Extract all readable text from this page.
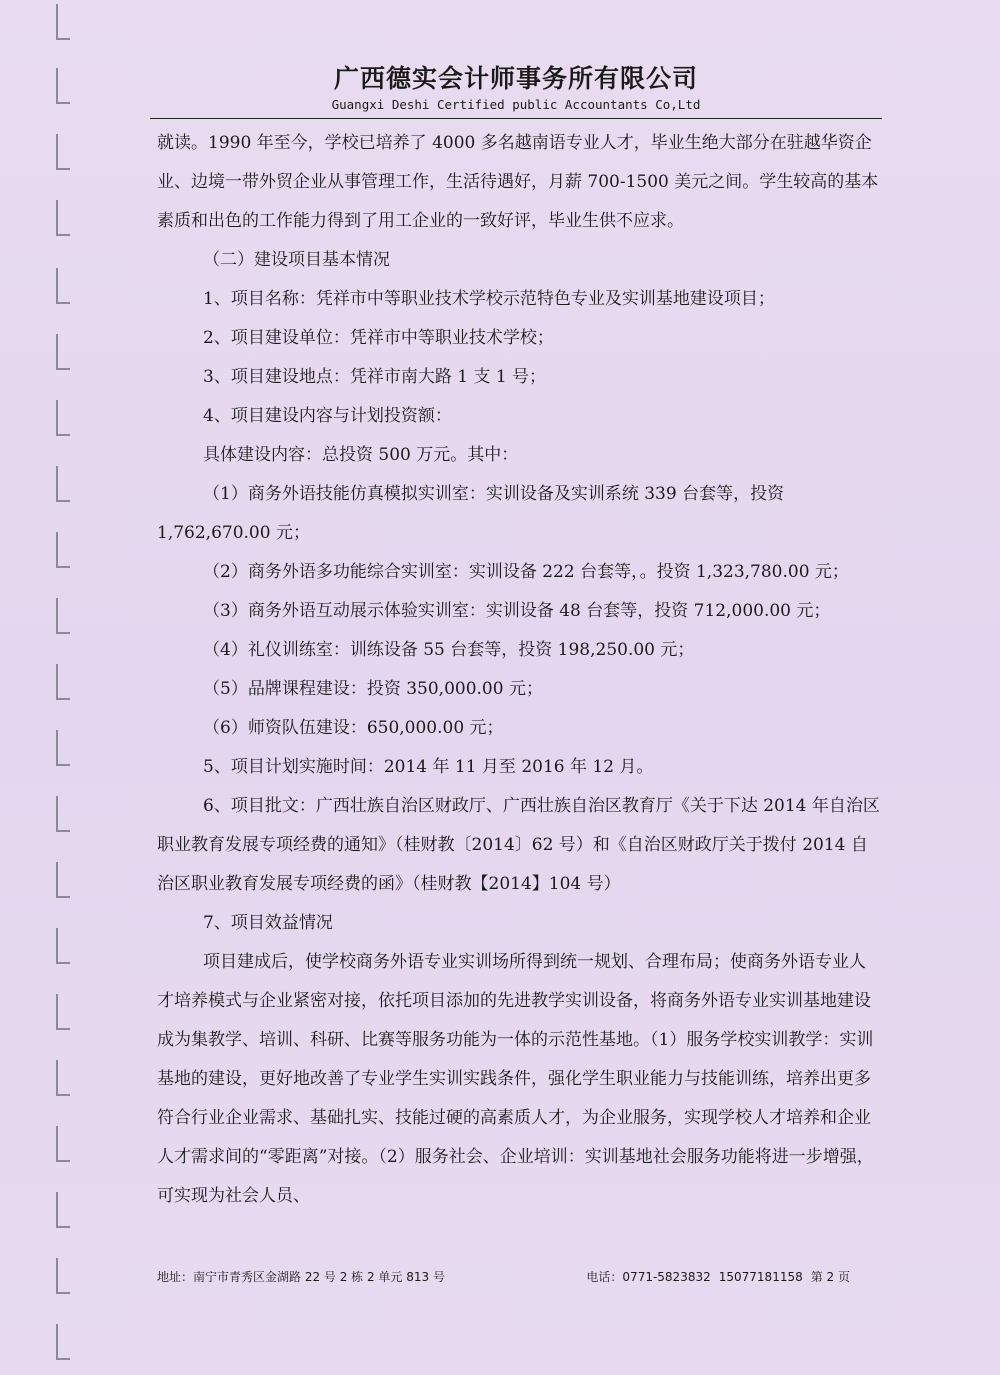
广西德实会计师事务所有限公司
Guangxi Deshi Certified public Accountants Co,Ltd

就读。1990 年至今，学校已培养了 4000 多名越南语专业人才，毕业生绝大部分在驻越华资企业、边境一带外贸企业从事管理工作，生活待遇好，月薪 700-1500 美元之间。学生较高的基本素质和出色的工作能力得到了用工企业的一致好评，毕业生供不应求。

（二）建设项目基本情况

1、项目名称：凭祥市中等职业技术学校示范特色专业及实训基地建设项目；

2、项目建设单位：凭祥市中等职业技术学校；

3、项目建设地点：凭祥市南大路 1 支 1 号；

4、项目建设内容与计划投资额：

具体建设内容：总投资 500 万元。其中：

（1）商务外语技能仿真模拟实训室：实训设备及实训系统 339 台套等，投资 1,762,670.00 元；

（2）商务外语多功能综合实训室：实训设备 222 台套等，。投资 1,323,780.00 元；

（3）商务外语互动展示体验实训室：实训设备 48 台套等，投资 712,000.00 元；

（4）礼仪训练室：训练设备 55 台套等，投资 198,250.00 元；

（5）品牌课程建设：投资 350,000.00 元；

（6）师资队伍建设：650,000.00 元；

5、项目计划实施时间：2014 年 11 月至 2016 年 12 月。

6、项目批文：广西壮族自治区财政厅、广西壮族自治区教育厅《关于下达 2014 年自治区职业教育发展专项经费的通知》（桂财教〔2014〕62 号）和《自治区财政厅关于拨付 2014 自治区职业教育发展专项经费的函》（桂财教【2014】104 号）

7、项目效益情况

项目建成后，使学校商务外语专业实训场所得到统一规划、合理布局；使商务外语专业人才培养模式与企业紧密对接，依托项目添加的先进教学实训设备，将商务外语专业实训基地建设成为集教学、培训、科研、比赛等服务功能为一体的示范性基地。（1）服务学校实训教学：实训基地的建设，更好地改善了专业学生实训实践条件，强化学生职业能力与技能训练，培养出更多符合行业企业需求、基础扎实、技能过硬的高素质人才，为企业服务，实现学校人才培养和企业人才需求间的“零距离”对接。（2）服务社会、企业培训：实训基地社会服务功能将进一步增强，可实现为社会人员、

地址：南宁市青秀区金湖路 22 号 2 栋 2 单元 813 号	电话：0771-5823832 15077181158 第 2 页
